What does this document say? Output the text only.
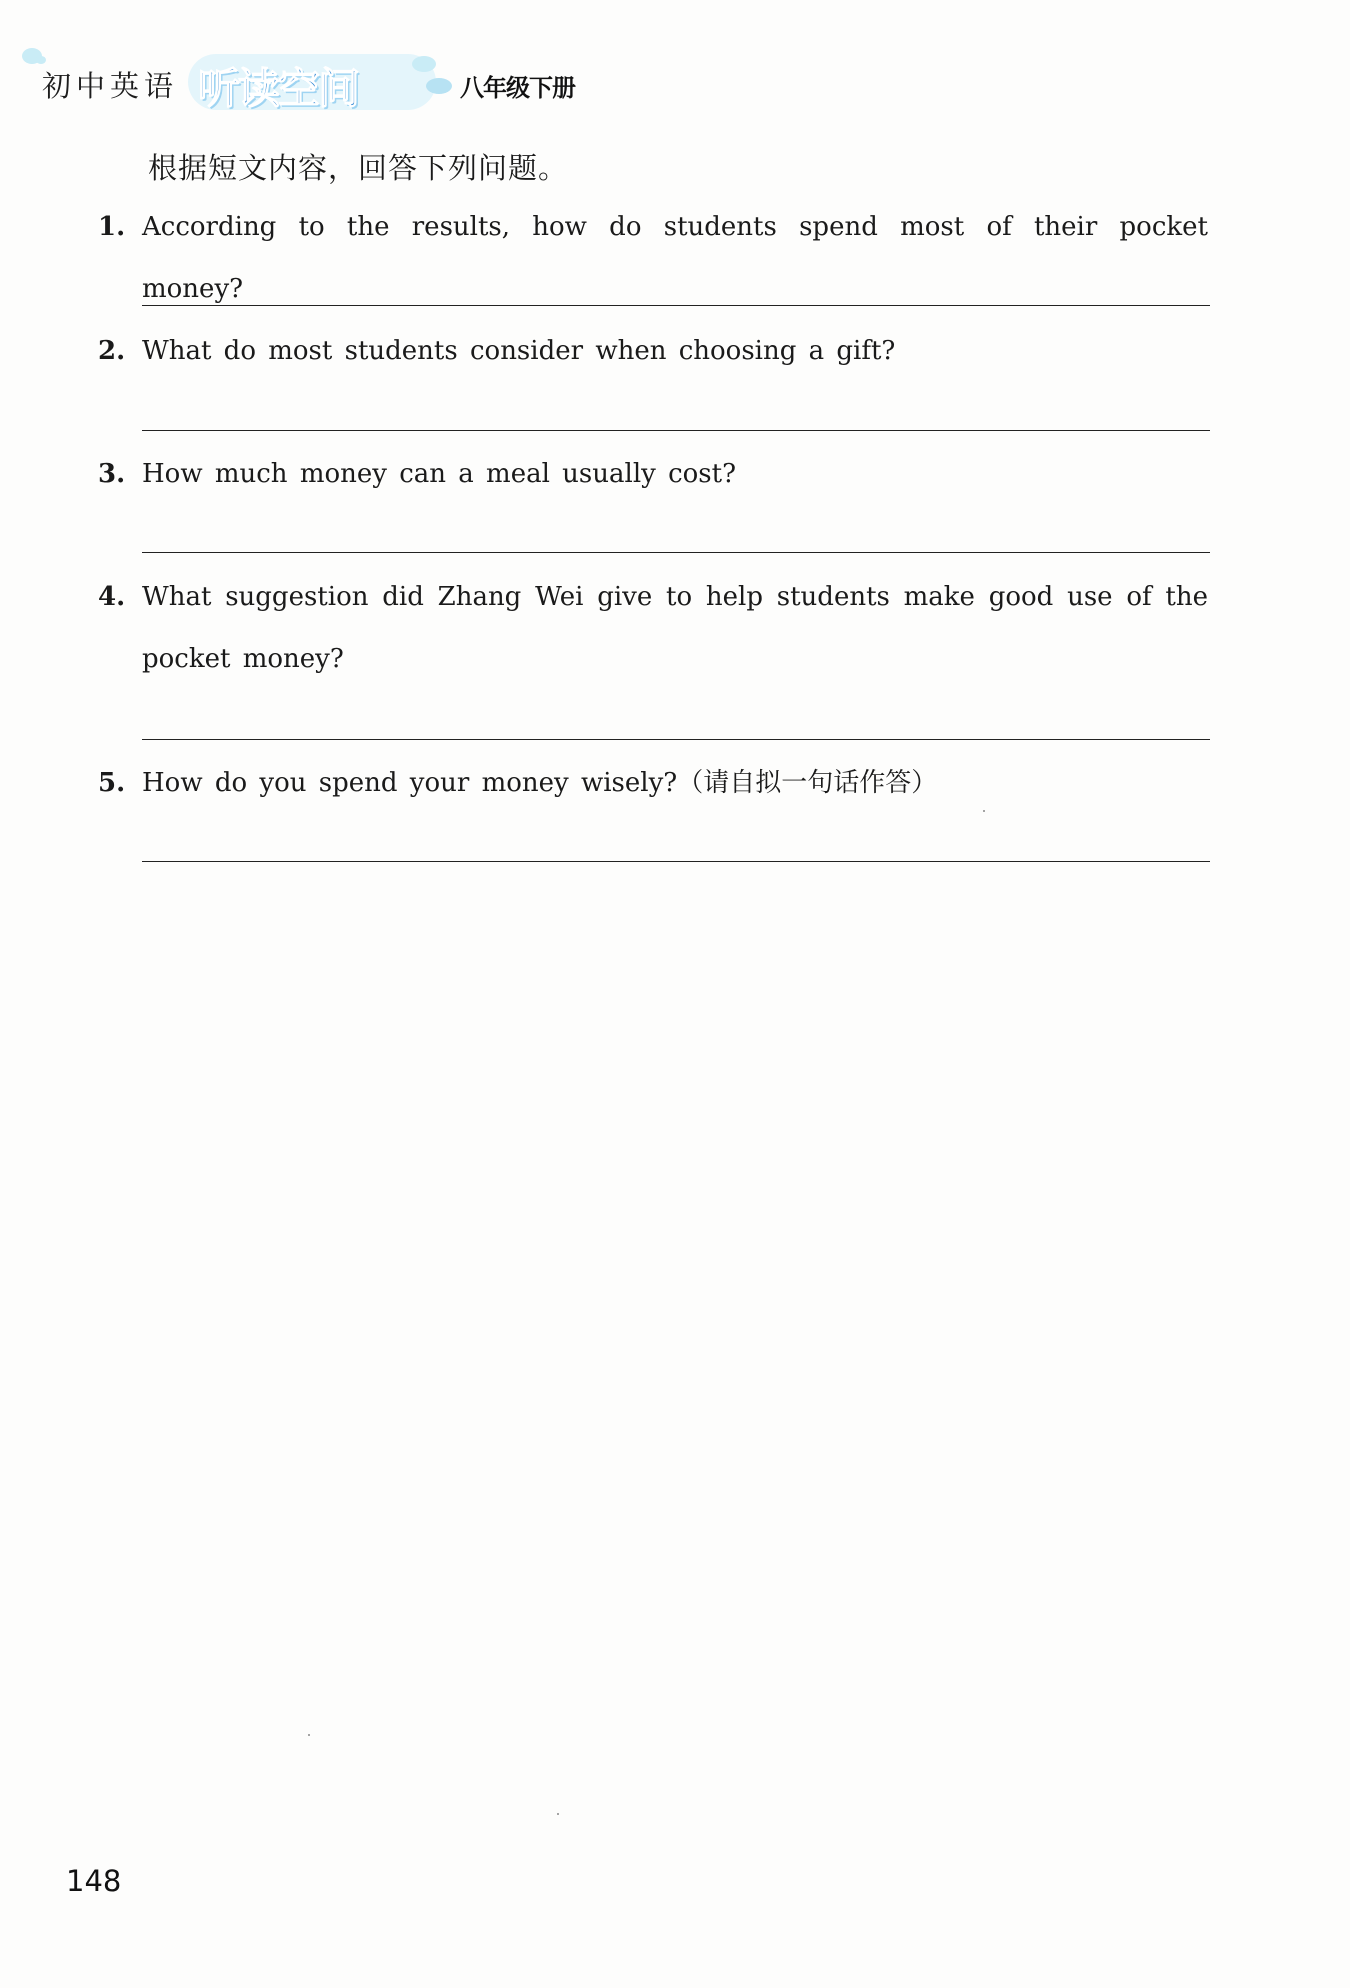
初中英语 听读空间	八年级下册
根据短文内容，回答下列问题。
1. According to the results, how do students spend most of their pocket money?
2. What do most students consider when choosing a gift?
3. How much money can a meal usually cost?
4. What suggestion did Zhang Wei give to help students make good use of the pocket money?
5. How do you spend your money wisely?（请自拟一句话作答）
148
